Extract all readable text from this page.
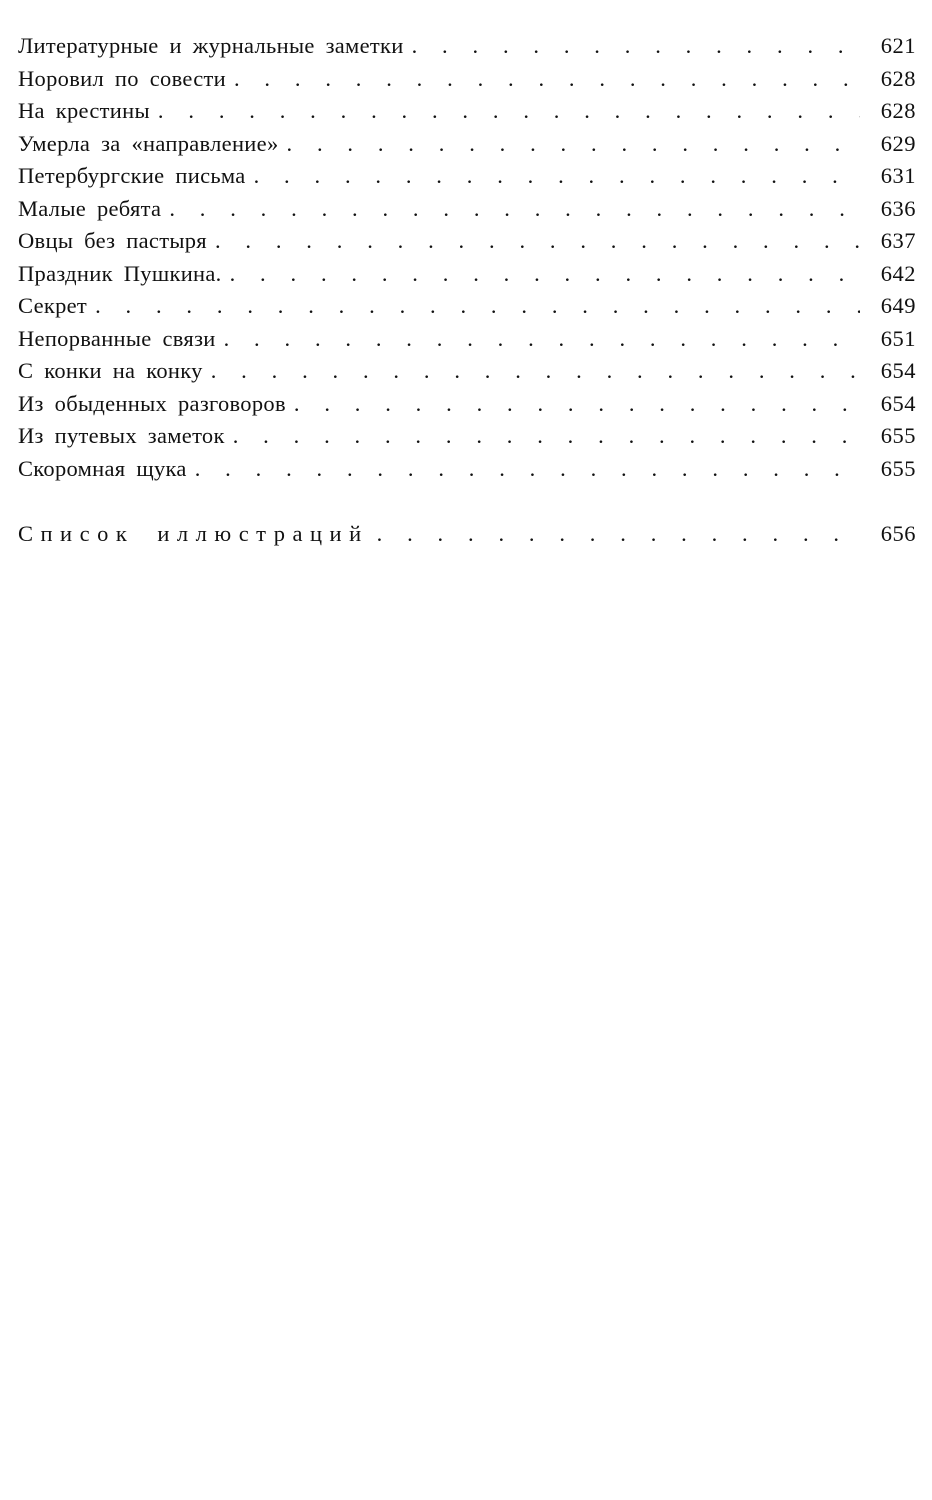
Литературные и журнальные заметки . . .	621
Норовил по совести . . .	628
На крестины . . .	628
Умерла за «направление» . . .	629
Петербургские письма . . .	631
Малые ребята . . .	636
Овцы без пастыря . . .	637
Праздник Пушкина. . . .	642
Секрет . . .	649
Непорванные связи . . .	651
С конки на конку . . .	654
Из обыденных разговоров . . .	654
Из путевых заметок . . .	655
Скоромная щука . . .	655
Список иллюстраций . . .	656
